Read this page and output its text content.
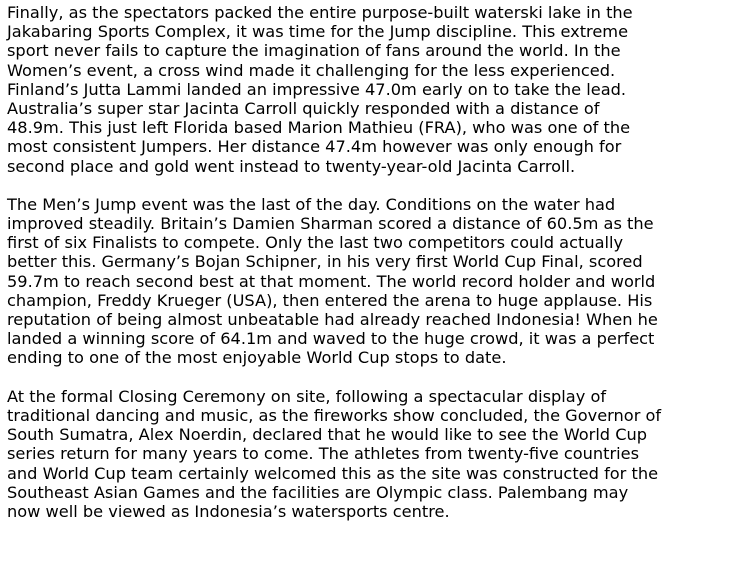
Finally, as the spectators packed the entire purpose-built waterski lake in the
Jakabaring Sports Complex, it was time for the Jump discipline. This extreme
sport never fails to capture the imagination of fans around the world. In the
Women’s event, a cross wind made it challenging for the less experienced.
Finland’s Jutta Lammi landed an impressive 47.0m early on to take the lead.
Australia’s super star Jacinta Carroll quickly responded with a distance of
48.9m. This just left Florida based Marion Mathieu (FRA), who was one of the
most consistent Jumpers. Her distance 47.4m however was only enough for
second place and gold went instead to twenty-year-old Jacinta Carroll.
The Men’s Jump event was the last of the day. Conditions on the water had
improved steadily. Britain’s Damien Sharman scored a distance of 60.5m as the
first of six Finalists to compete. Only the last two competitors could actually
better this. Germany’s Bojan Schipner, in his very first World Cup Final, scored
59.7m to reach second best at that moment. The world record holder and world
champion, Freddy Krueger (USA), then entered the arena to huge applause. His
reputation of being almost unbeatable had already reached Indonesia! When he
landed a winning score of 64.1m and waved to the huge crowd, it was a perfect
ending to one of the most enjoyable World Cup stops to date.
At the formal Closing Ceremony on site, following a spectacular display of
traditional dancing and music, as the fireworks show concluded, the Governor of
South Sumatra, Alex Noerdin, declared that he would like to see the World Cup
series return for many years to come. The athletes from twenty-five countries
and World Cup team certainly welcomed this as the site was constructed for the
Southeast Asian Games and the facilities are Olympic class. Palembang may
now well be viewed as Indonesia’s watersports centre.
